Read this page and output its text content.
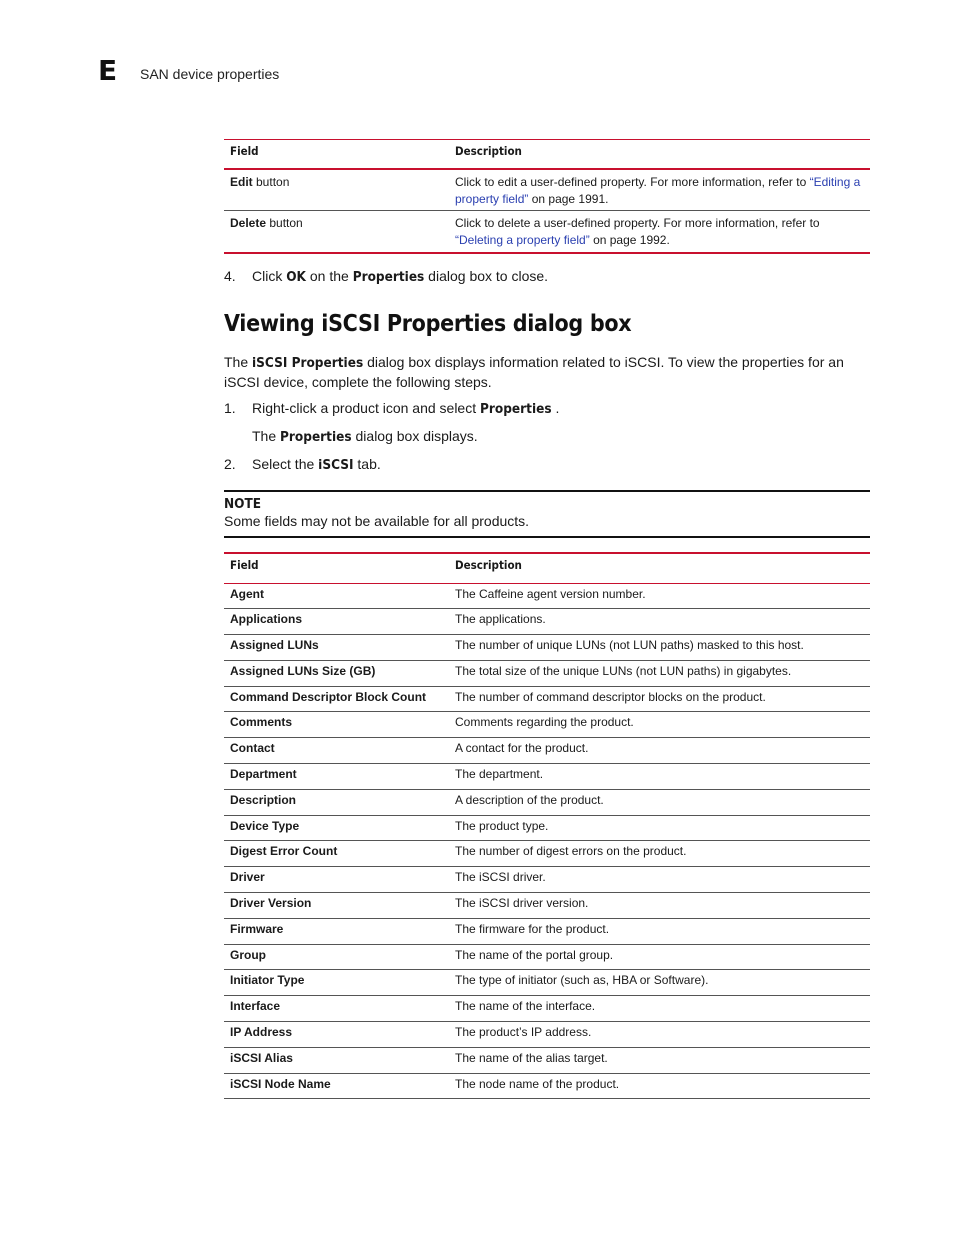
E SAN device properties
Field	Description
Edit button	Click to edit a user-defined property. For more information, refer to “Editing a property field” on page 1991.
Delete button	Click to delete a user-defined property. For more information, refer to “Deleting a property field” on page 1992.
4. Click OK on the Properties dialog box to close.
Viewing iSCSI Properties dialog box
The iSCSI Properties dialog box displays information related to iSCSI. To view the properties for an iSCSI device, complete the following steps.
1. Right-click a product icon and select Properties .
The Properties dialog box displays.
2. Select the iSCSI tab.
NOTE
Some fields may not be available for all products.
Field	Description
Agent	The Caffeine agent version number.
Applications	The applications.
Assigned LUNs	The number of unique LUNs (not LUN paths) masked to this host.
Assigned LUNs Size (GB)	The total size of the unique LUNs (not LUN paths) in gigabytes.
Command Descriptor Block Count	The number of command descriptor blocks on the product.
Comments	Comments regarding the product.
Contact	A contact for the product.
Department	The department.
Description	A description of the product.
Device Type	The product type.
Digest Error Count	The number of digest errors on the product.
Driver	The iSCSI driver.
Driver Version	The iSCSI driver version.
Firmware	The firmware for the product.
Group	The name of the portal group.
Initiator Type	The type of initiator (such as, HBA or Software).
Interface	The name of the interface.
IP Address	The product’s IP address.
iSCSI Alias	The name of the alias target.
iSCSI Node Name	The node name of the product.
